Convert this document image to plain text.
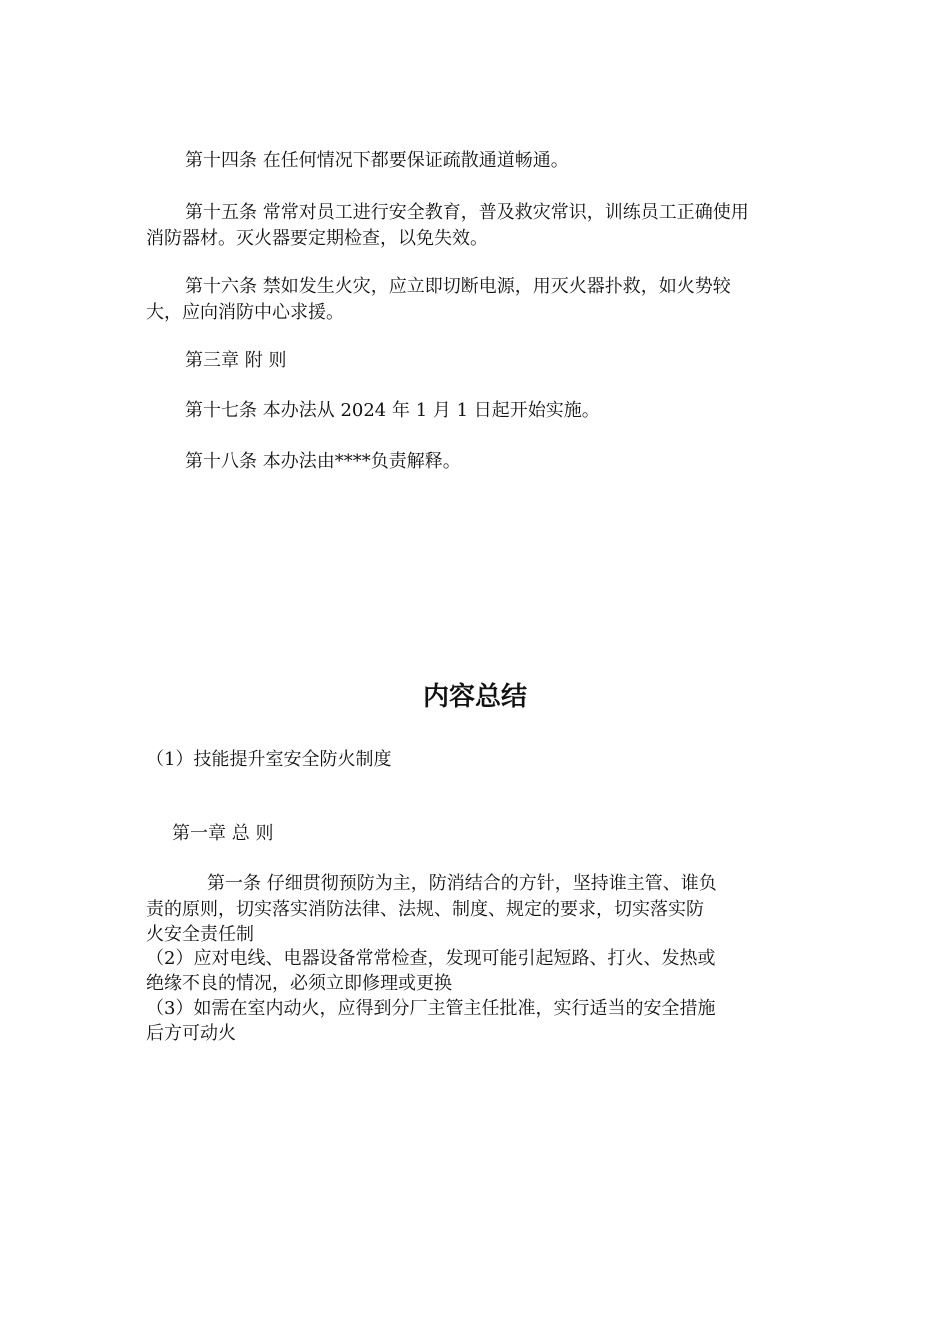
第十四条 在任何情况下都要保证疏散通道畅通。

第十五条 常常对员工进行安全教育，普及救灾常识，训练员工正确使用

消防器材。灭火器要定期检查，以免失效。

第十六条 禁如发生火灾，应立即切断电源，用灭火器扑救，如火势较

大，应向消防中心求援。

第三章 附 则

第十七条 本办法从 2024 年 1 月 1 日起开始实施。

第十八条 本办法由****负责解释。

内容总结

（1）技能提升室安全防火制度

第一章 总 则

第一条 仔细贯彻预防为主，防消结合的方针，坚持谁主管、谁负

责的原则，切实落实消防法律、法规、制度、规定的要求，切实落实防

火安全责任制

（2）应对电线、电器设备常常检查，发现可能引起短路、打火、发热或

绝缘不良的情况，必须立即修理或更换

（3）如需在室内动火，应得到分厂主管主任批准，实行适当的安全措施

后方可动火
